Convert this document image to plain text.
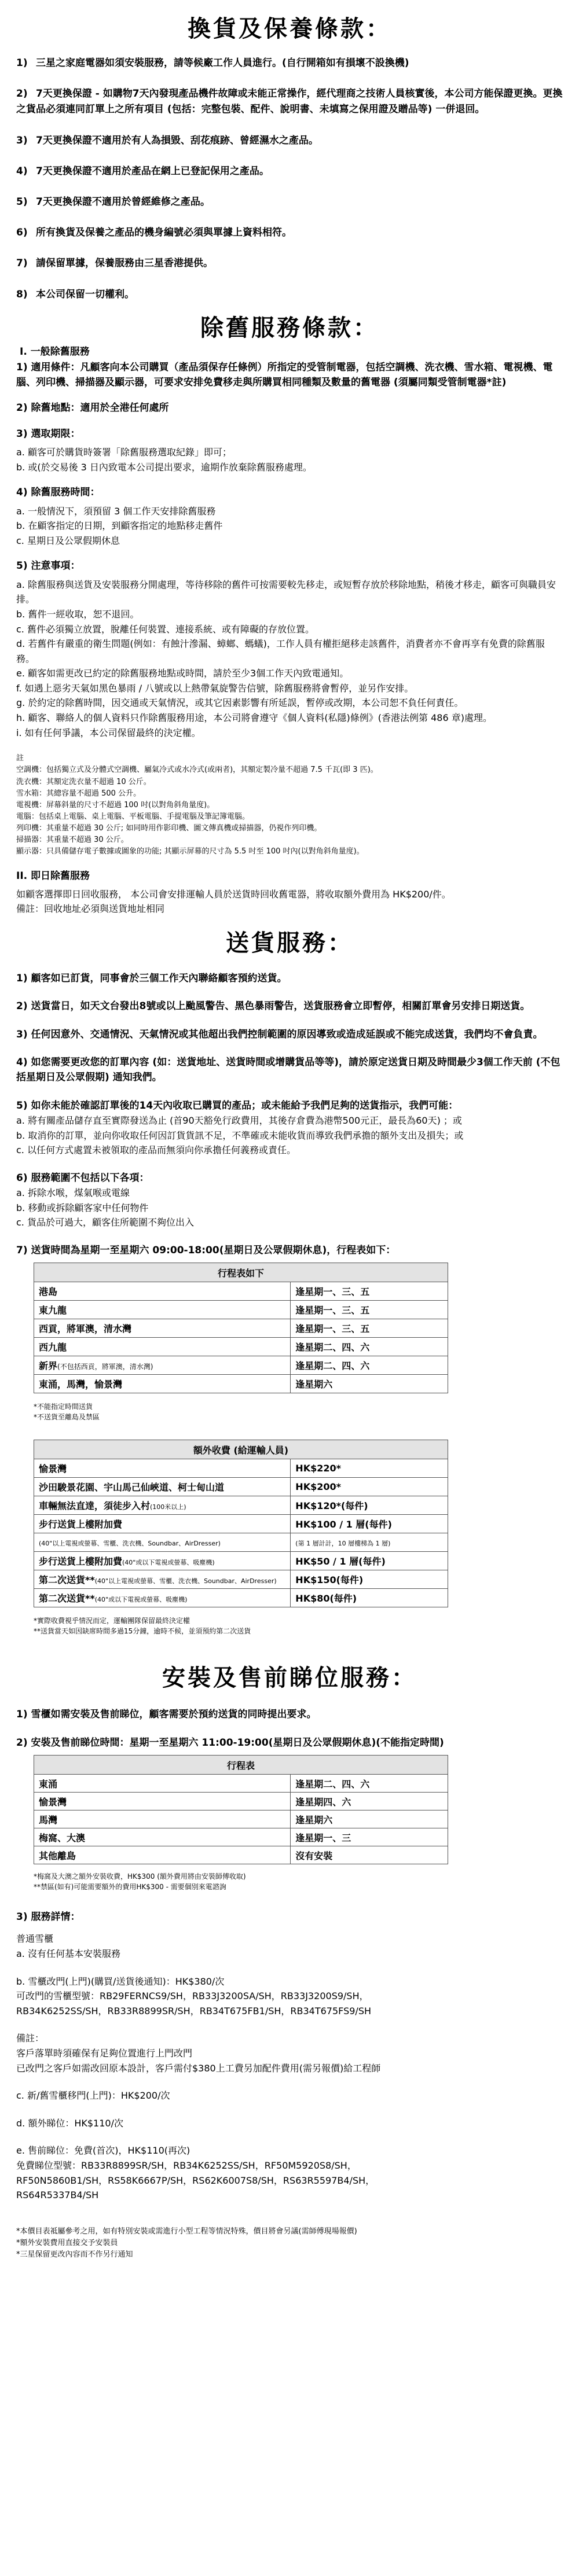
換貨及保養條款：
1) 三星之家庭電器如須安裝服務，請等候廠工作人員進行。(自行開箱如有損壞不設換機)
2) 7天更換保證 - 如購物7天內發現產品機件故障或未能正常操作，經代理商之技術人員核實後，本公司方能保證更換。更換之貨品必須連同訂單上之所有項目 (包括：完整包裝、配件、說明書、未填寫之保用證及贈品等) 一併退回。
3) 7天更換保證不適用於有人為損毀、刮花痕跡、曾經濕水之產品。
4) 7天更換保證不適用於產品在網上已登記保用之產品。
5) 7天更換保證不適用於曾經維修之產品。
6) 所有換貨及保養之產品的機身編號必須與單據上資料相符。
7) 請保留單據，保養服務由三星香港提供。
8) 本公司保留一切權利。
除舊服務條款：
I. 一般除舊服務
1) 適用條件：凡顧客向本公司購買（產品須保存任條例）所指定的受管制電器，包括空調機、洗衣機、雪水箱、電視機、電腦、列印機、掃描器及顯示器，可要求安排免費移走與所購買相同種類及數量的舊電器 (須屬同類受管制電器*註)
2) 除舊地點：適用於全港任何處所
3) 選取期限：

a. 顧客可於購貨時簽署「除舊服務選取紀錄」即可；

b. 或(於交易後 3 日內致電本公司提出要求，逾期作放棄除舊服務處理。

4) 除舊服務時間：

a. 一般情況下，須預留 3 個工作天安排除舊服務

b. 在顧客指定的日期，到顧客指定的地點移走舊件

c. 星期日及公眾假期休息

5) 注意事項：

a. 除舊服務與送貨及安裝服務分開處理，等待移除的舊件可按需要較先移走，或短暫存放於移除地點，稍後才移走，顧客可與職員安排。

b. 舊件一經收取，恕不退回。

c. 舊件必須獨立放置，脫離任何裝置、連接系統、或有障礙的存放位置。

d. 若舊件有嚴重的衛生問題(例如：有蝕汁滲漏、蟑螂、螞蟻)，工作人員有權拒絕移走該舊件，消費者亦不會再享有免費的除舊服務。

e. 顧客如需更改已約定的除舊服務地點或時間，請於至少3個工作天內致電通知。

f. 如遇上惡劣天氣如黑色暴雨 / 八號或以上熱帶氣旋警告信號，除舊服務將會暫停，並另作安排。

g. 於約定的除舊時間，因交通或天氣情況，或其它因素影響有所延誤，暫停或改期，本公司恕不負任何責任。

h. 顧客、聯絡人的個人資料只作除舊服務用途，本公司將會遵守《個人資料(私隱)條例》(香港法例第 486 章)處理。

i. 如有任何爭議，本公司保留最終的決定權。

註

空調機：包括獨立式及分體式空調機、屬氣冷式或水冷式(或兩者)，其額定製冷量不超過 7.5 千瓦(即 3 匹)。

洗衣機：其額定洗衣量不超過 10 公斤。

雪水箱：其總容量不超過 500 公升。

電視機：屏幕斜量的尺寸不超過 100 吋(以對角斜角量度)。

電腦：包括桌上電腦、桌上電腦、平板電腦、手提電腦及筆記簿電腦。

列印機：其重量不超過 30 公斤; 如同時用作影印機、圖文傳真機或掃描器，仍視作列印機。

掃描器：其重量不超過 30 公斤。

顯示器：只具備儲存電子數據或圖象的功能; 其顯示屏幕的尺寸為 5.5 吋至 100 吋內(以對角斜角量度)。

II. 即日除舊服務

如顧客選擇即日回收服務， 本公司會安排運輸人員於送貨時回收舊電器，將收取額外費用為 HK$200/件。

備註：回收地址必須與送貨地址相同

送貨服務：
1) 顧客如已訂貨，同事會於三個工作天內聯絡顧客預約送貨。
2) 送貨當日，如天文台發出8號或以上颱風警告、黑色暴雨警告，送貨服務會立即暫停，相關訂單會另安排日期送貨。
3) 任何因意外、交通情況、天氣情況或其他超出我們控制範圍的原因導致或造成延誤或不能完成送貨，我們均不會負責。
4) 如您需要更改您的訂單內容 (如：送貨地址、送貨時間或增購貨品等等)，請於原定送貨日期及時間最少3個工作天前 (不包括星期日及公眾假期) 通知我們。
5) 如你未能於確認訂單後的14天內收取已購買的產品；或未能給予我們足夠的送貨指示，我們可能：

a. 將有關產品儲存直至實際發送為止 (首90天豁免行政費用，其後存倉費為港幣500元正，最長為60天) ；或

b. 取消你的訂單，並向你收取任何因訂貨貨訊不足，不準確或未能收貨而導致我們承擔的額外支出及損失；或

c. 以任何方式處置未被領取的產品而無須向你承擔任何義務或責任。

6) 服務範圍不包括以下各項：

a. 拆除水喉，煤氣喉或電線

b. 移動或拆除顧客家中任何物件

c. 貨品於可過大，顧客住所範圍不夠位出入

7) 送貨時間為星期一至星期六 09:00-18:00(星期日及公眾假期休息)，行程表如下：
行程表如下	
港島	逢星期一、三、五
東九龍	逢星期一、三、五
西貢，將軍澳，清水灣	逢星期一、三、五
西九龍	逢星期二、四、六
新界(不包括西貢，將軍澳，清水灣)	逢星期二、四、六
東涌，馬灣，愉景灣	逢星期六

*不能指定時間送貨

*不送貨至離島及禁區

額外收費 (給運輸人員)	
愉景灣	HK$220*
沙田駿景花園、宇山馬己仙峽道、柯士甸山道	HK$200*
車輛無法直達，須徒步入村(100米以上)	HK$120*(每件)
步行送貨上樓附加費	HK$100 / 1 層(每件)
(40"以上電視或螢幕、雪櫃、洗衣機、Soundbar、AirDresser)	(第 1 層計計，10 層樓梯為 1 層)
步行送貨上樓附加費(40"或以下電視或螢幕、吸塵機)	HK$50 / 1 層(每件)
第二次送貨**(40"以上電視或螢幕、雪櫃、洗衣機、Soundbar、AirDresser)	HK$150(每件)
第二次送貨**(40"或以下電視或螢幕、吸塵機)	HK$80(每件)

*實際收費視乎情況而定，運輸團隊保留最終決定權

**送貨當天如因缺席時間多過15分鐘，逾時不候，並須預約第二次送貨

安裝及售前睇位服務：
1) 雪櫃如需安裝及售前睇位，顧客需要於預約送貨的同時提出要求。
2) 安裝及售前睇位時間：星期一至星期六 11:00-19:00(星期日及公眾假期休息)(不能指定時間)
行程表	
東涌	逢星期二、四、六
愉景灣	逢星期四、六
馬灣	逢星期六
梅窩、大澳	逢星期一、三
其他離島	沒有安裝

*梅窩及大澳之額外安裝收費，HK$300 (額外費用將由安裝師傅收取)

**禁區(如有)可能需要額外的費用HK$300 - 需要個別來電諮詢

3) 服務詳情：

普通雪櫃

a. 沒有任何基本安裝服務

b. 雪櫃改門(上門)(購買/送貨後通知)：HK$380/次

可改門的雪櫃型號：RB29FERNCS9/SH，RB33J3200SA/SH，RB33J3200S9/SH，

RB34K6252SS/SH，RB33R8899SR/SH，RB34T675FB1/SH，RB34T675FS9/SH

備註：

客戶落單時須確保有足夠位置進行上門改門

已改門之客戶如需改回原本設計，客戶需付$380上工費另加配件費用(需另報價)給工程師

c. 新/舊雪櫃移門(上門)：HK$200/次

d. 額外睇位：HK$110/次

e. 售前睇位：免費(首次)，HK$110(再次)

免費睇位型號：RB33R8899SR/SH，RB34K6252SS/SH，RF50M5920S8/SH，

RF50N5860B1/SH，RS58K6667P/SH，RS62K6007S8/SH，RS63R5597B4/SH，

RS64R5337B4/SH

*本價目表祗屬參考之用，如有特別安裝或需進行小型工程等情況特殊，價目將會另議(需師傅現場報價)

*額外安裝費用直接交予安裝員

*三星保留更改內容而不作另行通知
